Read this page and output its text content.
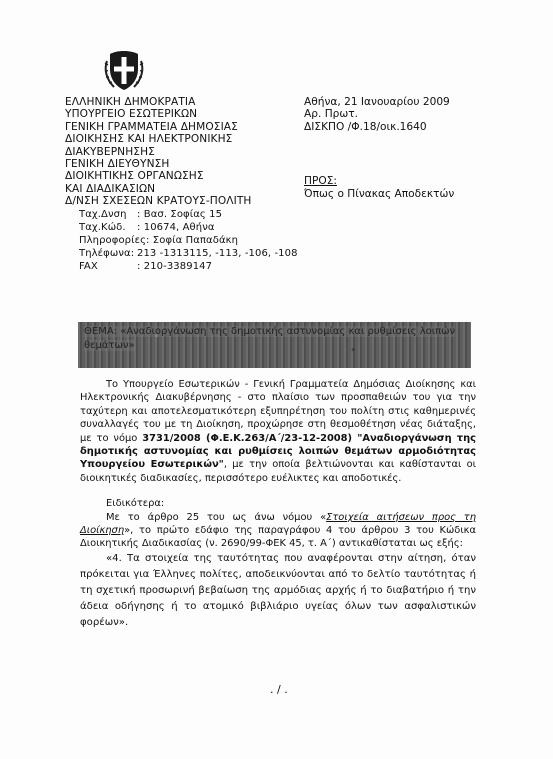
ΕΛΛΗΝΙΚΗ ΔΗΜΟΚΡΑΤΙΑ
ΥΠΟΥΡΓΕΙΟ ΕΣΩΤΕΡΙΚΩΝ
ΓΕΝΙΚΗ ΓΡΑΜΜΑΤΕΙΑ ΔΗΜΟΣΙΑΣ
ΔΙΟΙΚΗΣΗΣ ΚΑΙ ΗΛΕΚΤΡΟΝΙΚΗΣ
ΔΙΑΚΥΒΕΡΝΗΣΗΣ
ΓΕΝΙΚΗ ΔΙΕΥΘΥΝΣΗ
ΔΙΟΙΚΗΤΙΚΗΣ ΟΡΓΑΝΩΣΗΣ
ΚΑΙ ΔΙΑΔΙΚΑΣΙΩΝ
Δ/ΝΣΗ ΣΧΕΣΕΩΝ ΚΡΑΤΟΥΣ-ΠΟΛΙΤΗ
Ταχ.Δνση : Βασ. Σοφίας 15
Ταχ.Κώδ. : 10674, Αθήνα
Πληροφορίες: Σοφία Παπαδάκη
Τηλέφωνα: 213 -1313115, -113, -106, -108
FAX	: 210-3389147
Αθήνα, 21 Ιανουαρίου 2009
Αρ. Πρωτ.
ΔΙΣΚΠΟ /Φ.18/οικ.1640
ΠΡΟΣ:
Όπως ο Πίνακας Αποδεκτών
ΘΕΜΑ: «Αναδιοργάνωση της δημοτικής αστυνομίας και ρυθμίσεις λοιπών θεμάτων»

Το Υπουργείο Εσωτερικών - Γενική Γραμματεία Δημόσιας Διοίκησης και Ηλεκτρονικής Διακυβέρνησης - στο πλαίσιο των προσπαθειών του για την ταχύτερη και αποτελεσματικότερη εξυπηρέτηση του πολίτη στις καθημερινές συναλλαγές του με τη Διοίκηση, προχώρησε στη θεσμοθέτηση νέας διάταξης, με το νόμο 3731/2008 (Φ.Ε.Κ.263/Α΄/23-12-2008) "Αναδιοργάνωση της δημοτικής αστυνομίας και ρυθμίσεις λοιπών θεμάτων αρμοδιότητας Υπουργείου Εσωτερικών", με την οποία βελτιώνονται και καθίστανται οι διοικητικές διαδικασίες, περισσότερο ευέλικτες και αποδοτικές.

Ειδικότερα:

Με το άρθρο 25 του ως άνω νόμου «Στοιχεία αιτήσεων προς τη Διοίκηση», το πρώτο εδάφιο της παραγράφου 4 του άρθρου 3 του Κώδικα Διοικητικής Διαδικασίας (ν. 2690/99-ΦΕΚ 45, τ. Α΄) αντικαθίσταται ως εξής:

«4. Τα στοιχεία της ταυτότητας που αναφέρονται στην αίτηση, όταν πρόκειται για Έλληνες πολίτες, αποδεικνύονται από το δελτίο ταυτότητας ή τη σχετική προσωρινή βεβαίωση της αρμόδιας αρχής ή το διαβατήριο ή την άδεια οδήγησης ή το ατομικό βιβλιάριο υγείας όλων των ασφαλιστικών φορέων».

. / .
